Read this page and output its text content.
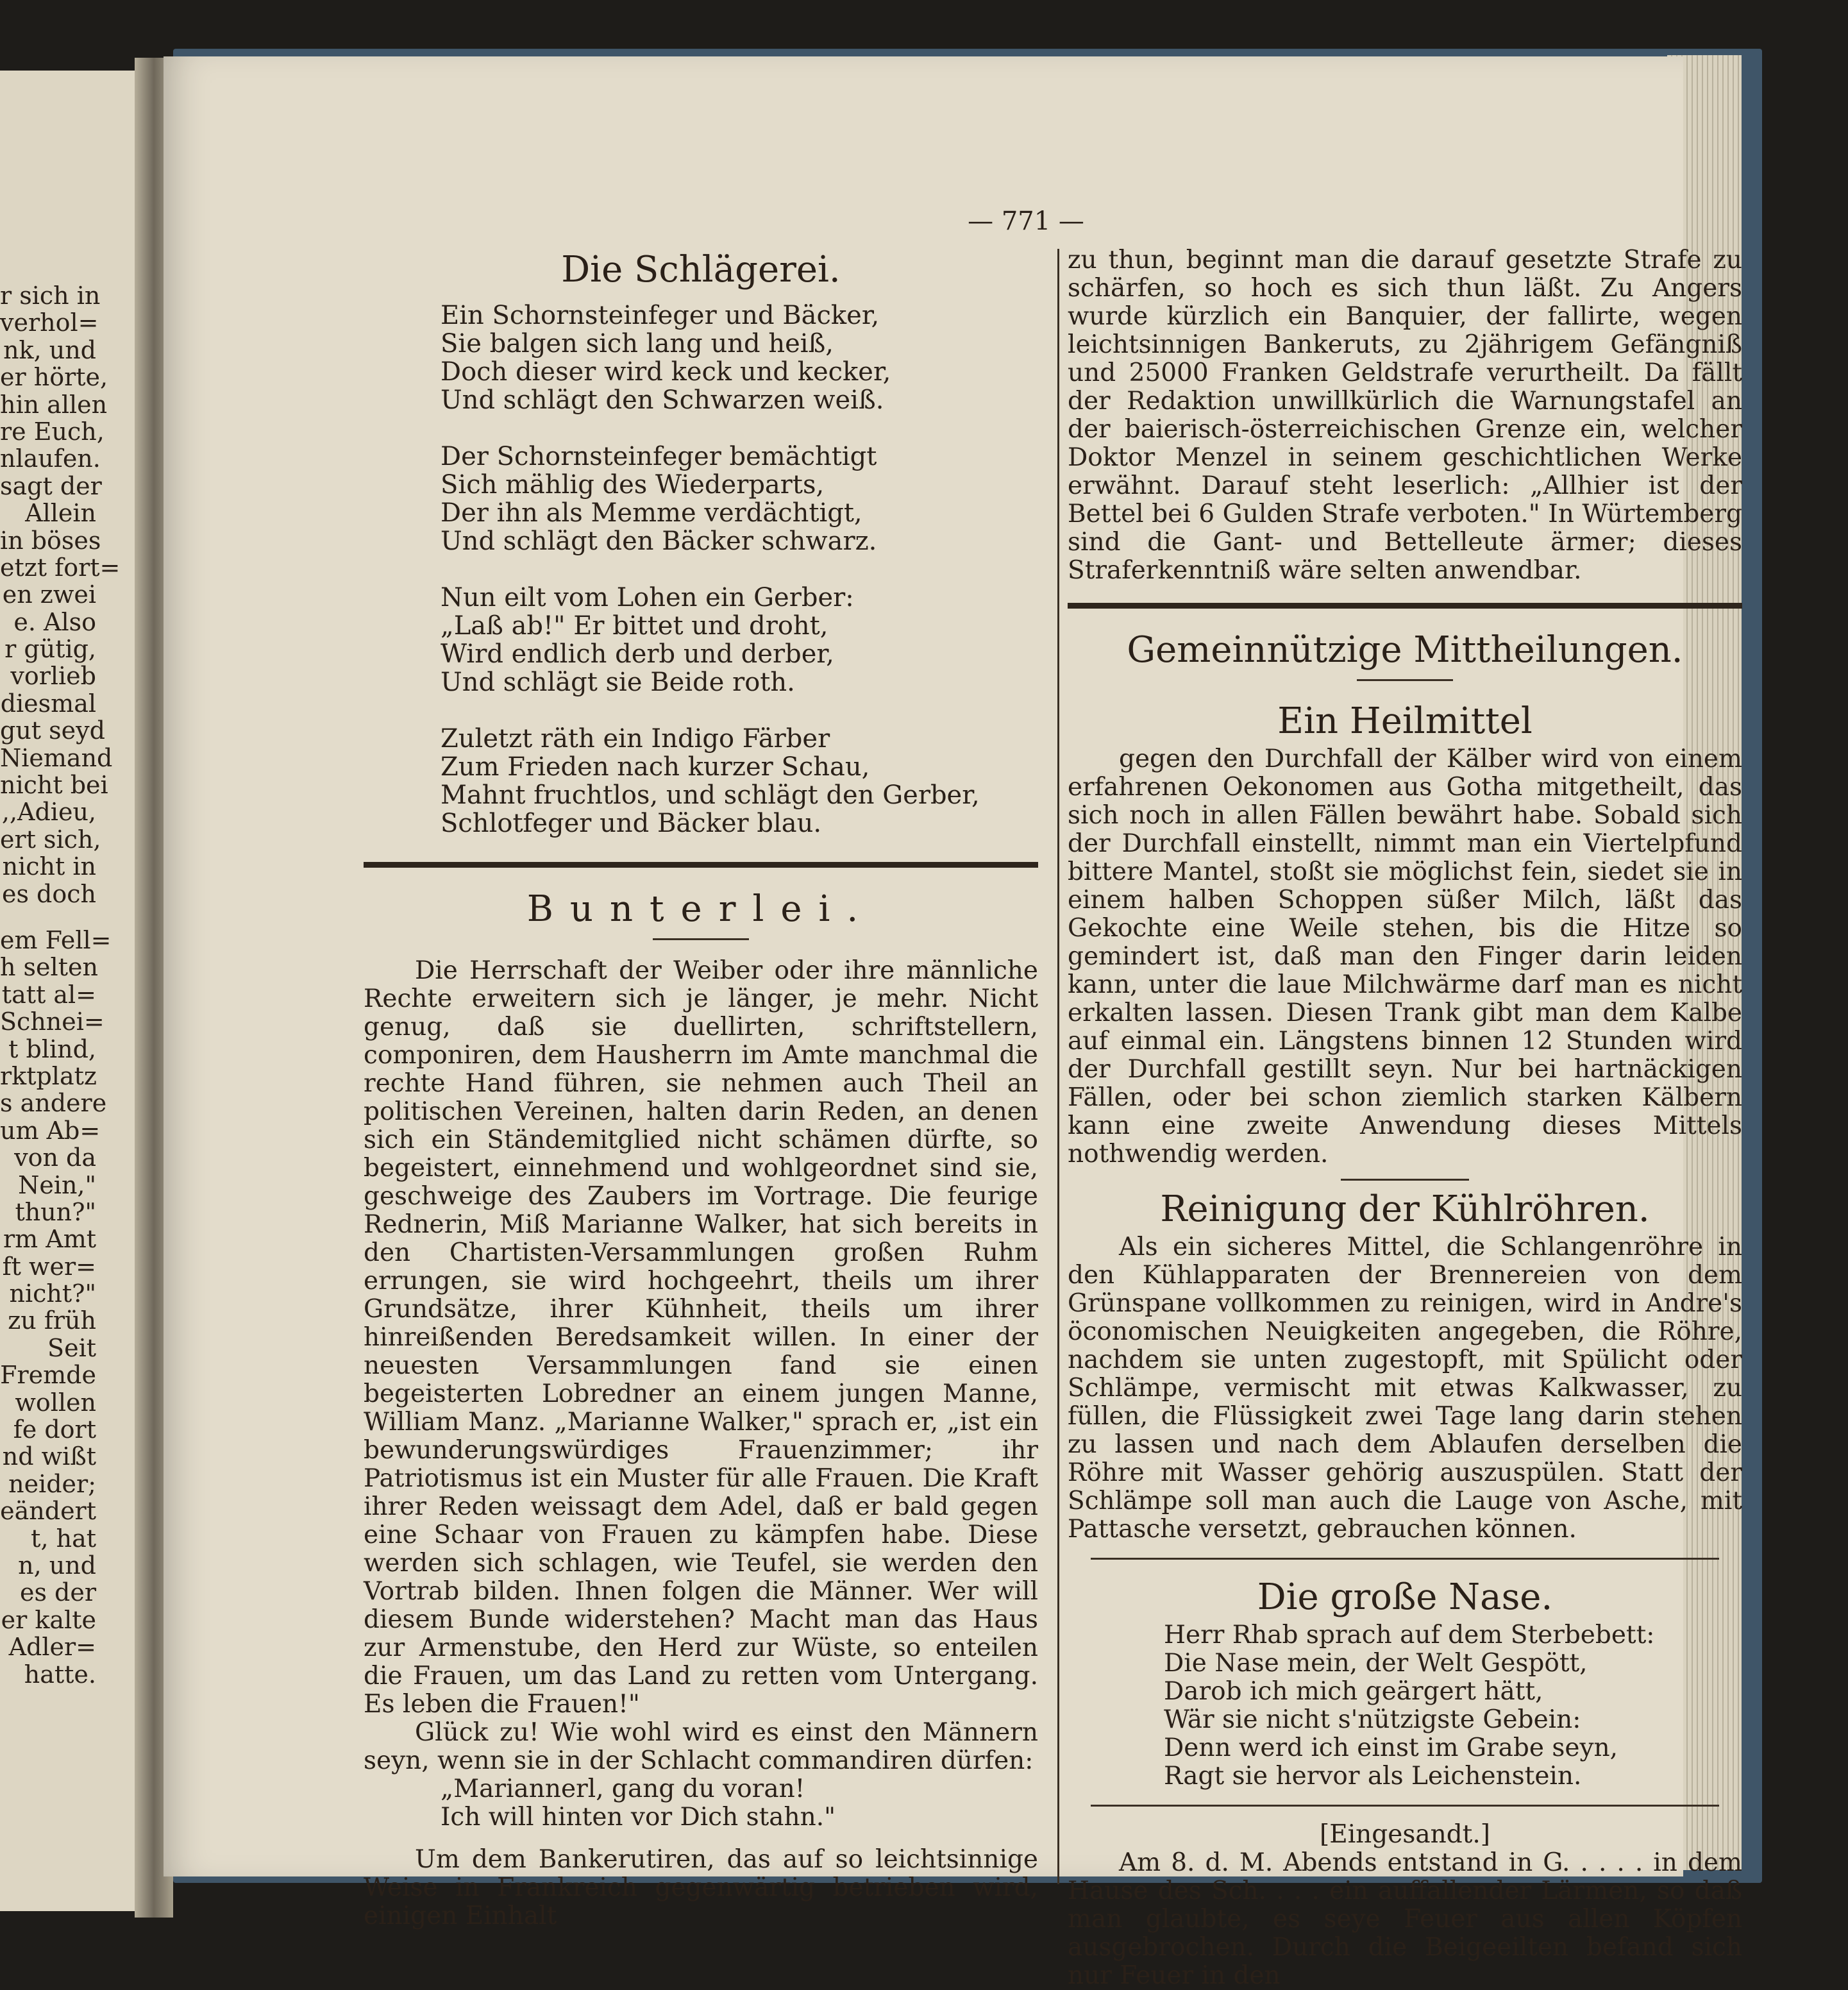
r sich in
verhol=
nk, und
er hörte,
hin allen
re Euch,
nlaufen.
sagt der
Allein
in böses
etzt fort=
en zwei
e. Also
r gütig,
vorlieb
diesmal
gut seyd
Niemand
nicht bei
,,Adieu,
ert sich,
nicht in
es doch
em Fell=
h selten
tatt al=
Schnei=
t blind,
rktplatz
s andere
um Ab=
von da
Nein,"
thun?"
rm Amt
ft wer=
nicht?"
zu früh
Seit
Fremde
wollen
fe dort
nd wißt
neider;
eändert
t, hat
n, und
es der
er kalte
Adler=
hatte.
— 771 —
Die Schlägerei.
Ein Schornsteinfeger und Bäcker,
Sie balgen sich lang und heiß,
Doch dieser wird keck und kecker,
Und schlägt den Schwarzen weiß.
Der Schornsteinfeger bemächtigt
Sich mählig des Wiederparts,
Der ihn als Memme verdächtigt,
Und schlägt den Bäcker schwarz.
Nun eilt vom Lohen ein Gerber:
„Laß ab!" Er bittet und droht,
Wird endlich derb und derber,
Und schlägt sie Beide roth.
Zuletzt räth ein Indigo Färber
Zum Frieden nach kurzer Schau,
Mahnt fruchtlos, und schlägt den Gerber,
Schlotfeger und Bäcker blau.
Bunterlei.

Die Herrschaft der Weiber oder ihre männliche Rechte erweitern sich je länger, je mehr. Nicht genug, daß sie duellirten, schriftstellern, componiren, dem Hausherrn im Amte manchmal die rechte Hand führen, sie nehmen auch Theil an politischen Vereinen, halten darin Reden, an denen sich ein Ständemitglied nicht schämen dürfte, so begeistert, einnehmend und wohlgeordnet sind sie, geschweige des Zaubers im Vortrage. Die feurige Rednerin, Miß Marianne Walker, hat sich bereits in den Chartisten-Versammlungen großen Ruhm errungen, sie wird hochgeehrt, theils um ihrer Grundsätze, ihrer Kühnheit, theils um ihrer hinreißenden Beredsamkeit willen. In einer der neuesten Versammlungen fand sie einen begeisterten Lobredner an einem jungen Manne, William Manz. „Marianne Walker," sprach er, „ist ein bewunderungswürdiges Frauenzimmer; ihr Patriotismus ist ein Muster für alle Frauen. Die Kraft ihrer Reden weissagt dem Adel, daß er bald gegen eine Schaar von Frauen zu kämpfen habe. Diese werden sich schlagen, wie Teufel, sie werden den Vortrab bilden. Ihnen folgen die Männer. Wer will diesem Bunde widerstehen? Macht man das Haus zur Armenstube, den Herd zur Wüste, so enteilen die Frauen, um das Land zu retten vom Untergang. Es leben die Frauen!"

Glück zu! Wie wohl wird es einst den Männern seyn, wenn sie in der Schlacht commandiren dürfen:

„Mariannerl, gang du voran!
Ich will hinten vor Dich stahn."

Um dem Bankerutiren, das auf so leichtsinnige Weise in Frankreich gegenwärtig betrieben wird, einigen Einhalt

zu thun, beginnt man die darauf gesetzte Strafe zu schärfen, so hoch es sich thun läßt. Zu Angers wurde kürzlich ein Banquier, der fallirte, wegen leichtsinnigen Bankeruts, zu 2jährigem Gefängniß und 25000 Franken Geldstrafe verurtheilt. Da fällt der Redaktion unwillkürlich die Warnungstafel an der baierisch-österreichischen Grenze ein, welcher Doktor Menzel in seinem geschichtlichen Werke erwähnt. Darauf steht leserlich: „Allhier ist der Bettel bei 6 Gulden Strafe verboten." In Würtemberg sind die Gant- und Bettelleute ärmer; dieses Straferkenntniß wäre selten anwendbar.

Gemeinnützige Mittheilungen.
Ein Heilmittel

gegen den Durchfall der Kälber wird von einem erfahrenen Oekonomen aus Gotha mitgetheilt, das sich noch in allen Fällen bewährt habe. Sobald sich der Durchfall einstellt, nimmt man ein Viertelpfund bittere Mantel, stoßt sie möglichst fein, siedet sie in einem halben Schoppen süßer Milch, läßt das Gekochte eine Weile stehen, bis die Hitze so gemindert ist, daß man den Finger darin leiden kann, unter die laue Milchwärme darf man es nicht erkalten lassen. Diesen Trank gibt man dem Kalbe auf einmal ein. Längstens binnen 12 Stunden wird der Durchfall gestillt seyn. Nur bei hartnäckigen Fällen, oder bei schon ziemlich starken Kälbern kann eine zweite Anwendung dieses Mittels nothwendig werden.

Reinigung der Kühlröhren.

Als ein sicheres Mittel, die Schlangenröhre in den Kühlapparaten der Brennereien von dem Grünspane vollkommen zu reinigen, wird in Andre's öconomischen Neuigkeiten angegeben, die Röhre, nachdem sie unten zugestopft, mit Spülicht oder Schlämpe, vermischt mit etwas Kalkwasser, zu füllen, die Flüssigkeit zwei Tage lang darin stehen zu lassen und nach dem Ablaufen derselben die Röhre mit Wasser gehörig auszuspülen. Statt der Schlämpe soll man auch die Lauge von Asche, mit Pattasche versetzt, gebrauchen können.

Die große Nase.
Herr Rhab sprach auf dem Sterbebett:
Die Nase mein, der Welt Gespött,
Darob ich mich geärgert hätt,
Wär sie nicht s'nützigste Gebein:
Denn werd ich einst im Grabe seyn,
Ragt sie hervor als Leichenstein.
[Eingesandt.]

Am 8. d. M. Abends entstand in G. . . . . in dem Hause des Sch. . . . ein auffallender Lärmen, so daß man glaubte, es seye Feuer aus allen Köpfen ausgebrochen. Durch die Beigeeilten befand sich nur Feuer in den
